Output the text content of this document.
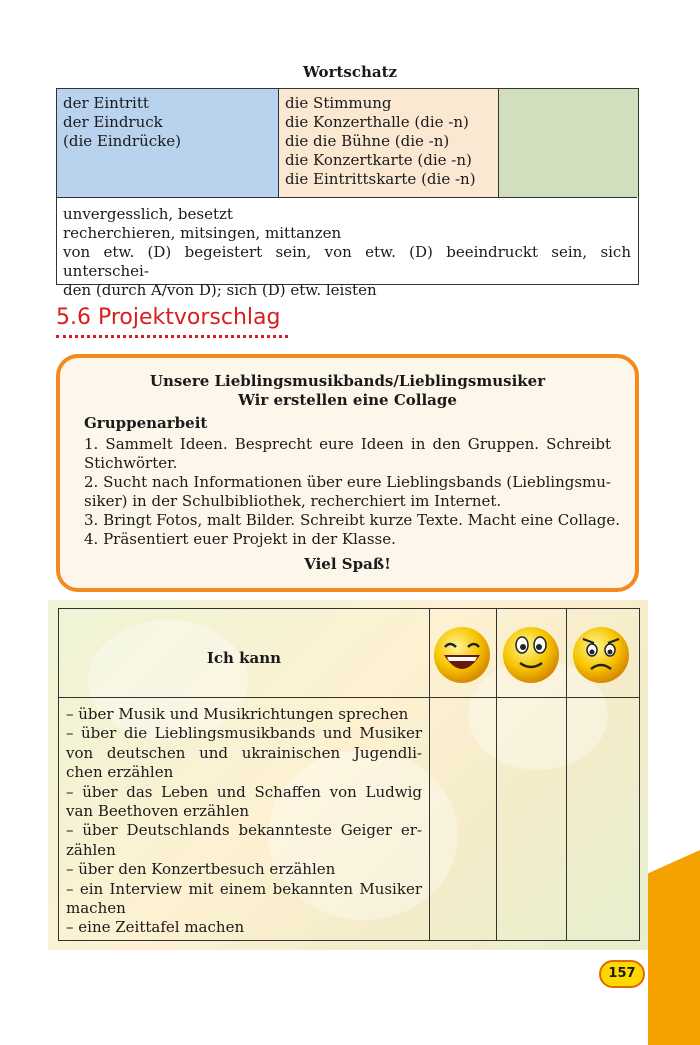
Wortschatz
der Eintritt
der Eindruck
(die Eindrücke)
die Stimmung
die Konzerthalle (die -n)
die die Bühne (die -n)
die Konzertkarte (die -n)
die Eintrittskarte (die -n)
unvergesslich, besetzt
recherchieren, mitsingen, mittanzen
von etw. (D) begeistert sein, von etw. (D) beeindruckt sein, sich unterschei-
den (durch A/von D); sich (D) etw. leisten
5.6 Projektvorschlag
Unsere Lieblingsmusikbands/Lieblingsmusiker
Wir erstellen eine Collage
Gruppenarbeit
1. Sammelt Ideen. Besprecht eure Ideen in den Gruppen. Schreibt
Stichwörter.
2. Sucht nach Informationen über eure Lieblingsbands (Lieblingsmu-
siker) in der Schulbibliothek, recherchiert im Internet.
3. Bringt Fotos, malt Bilder. Schreibt kurze Texte. Macht eine Collage.
4. Präsentiert euer Projekt in der Klasse.
Viel Spaß!
Ich kann
– über Musik und Musikrichtungen sprechen
– über die Lieblingsmusikbands und Musiker
von deutschen und ukrainischen Jugendli-
chen erzählen
– über das Leben und Schaffen von Ludwig
van Beethoven erzählen
– über Deutschlands bekannteste Geiger er-
zählen
– über den Konzertbesuch erzählen
– ein Interview mit einem bekannten Musiker
machen
– eine Zeittafel machen
157
